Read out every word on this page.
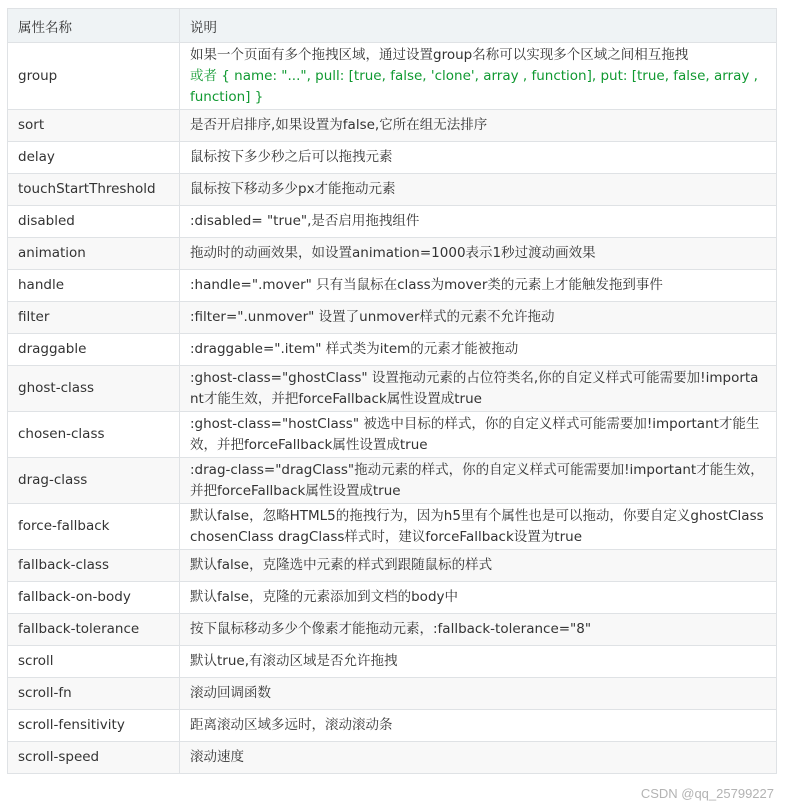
属性名称	说明
group	如果一个页面有多个拖拽区域，通过设置group名称可以实现多个区域之间相互拖拽
或者 { name: "...", pull: [true, false, 'clone', array , function], put: [true, false, array , function] }

sort	是否开启排序,如果设置为false,它所在组无法排序
delay	鼠标按下多少秒之后可以拖拽元素
touchStartThreshold	鼠标按下移动多少px才能拖动元素
disabled	:disabled= "true",是否启用拖拽组件
animation	拖动时的动画效果，如设置animation=1000表示1秒过渡动画效果
handle	:handle=".mover" 只有当鼠标在class为mover类的元素上才能触发拖到事件
filter	:filter=".unmover" 设置了unmover样式的元素不允许拖动
draggable	:draggable=".item" 样式类为item的元素才能被拖动
ghost-class	:ghost-class="ghostClass" 设置拖动元素的占位符类名,你的自定义样式可能需要加!important才能生效，并把forceFallback属性设置成true
chosen-class	:ghost-class="hostClass" 被选中目标的样式，你的自定义样式可能需要加!important才能生效，并把forceFallback属性设置成true
drag-class	:drag-class="dragClass"拖动元素的样式，你的自定义样式可能需要加!important才能生效，并把forceFallback属性设置成true
force-fallback	默认false，忽略HTML5的拖拽行为，因为h5里有个属性也是可以拖动，你要自定义ghostClass chosenClass dragClass样式时，建议forceFallback设置为true
fallback-class	默认false，克隆选中元素的样式到跟随鼠标的样式
fallback-on-body	默认false，克隆的元素添加到文档的body中
fallback-tolerance	按下鼠标移动多少个像素才能拖动元素，:fallback-tolerance="8"
scroll	默认true,有滚动区域是否允许拖拽
scroll-fn	滚动回调函数
scroll-fensitivity	距离滚动区域多远时，滚动滚动条
scroll-speed	滚动速度
CSDN @qq_25799227
